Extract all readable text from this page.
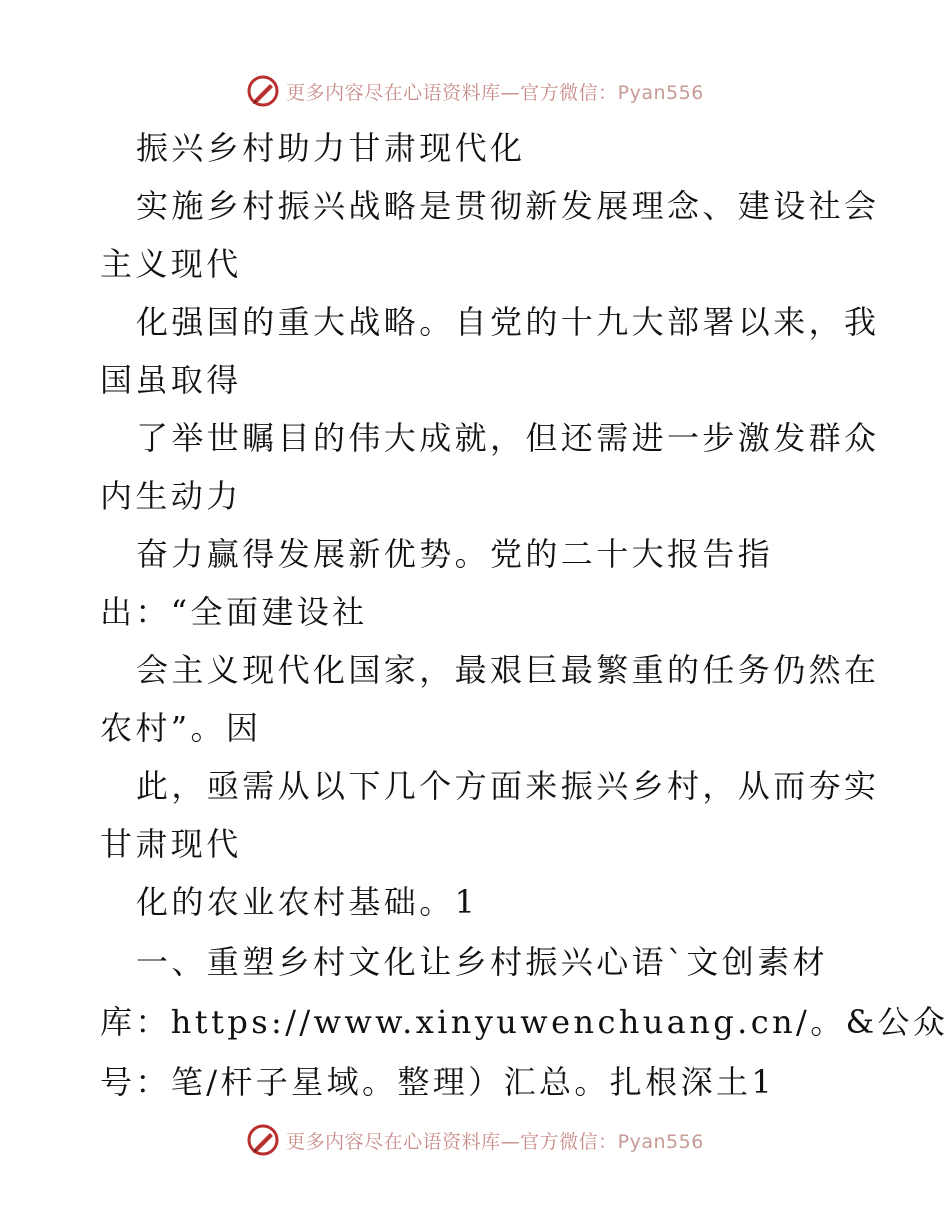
更多内容尽在心语资料库—官方微信：Pyan556
振兴乡村助力甘肃现代化
实施乡村振兴战略是贯彻新发展理念、建设社会
主义现代
化强国的重大战略。自党的十九大部署以来，我
国虽取得
了举世瞩目的伟大成就，但还需进一步激发群众
内生动力
奋力赢得发展新优势。党的二十大报告指
出：“全面建设社
会主义现代化国家，最艰巨最繁重的任务仍然在
农村”。因
此，亟需从以下几个方面来振兴乡村，从而夯实
甘肃现代
化的农业农村基础。1
一、重塑乡村文化让乡村振兴心语`文创素材
库：https://www.xinyuwenchuang.cn/。&公众
号：笔/杆子星域。整理）汇总。扎根深土1
更多内容尽在心语资料库—官方微信：Pyan556
